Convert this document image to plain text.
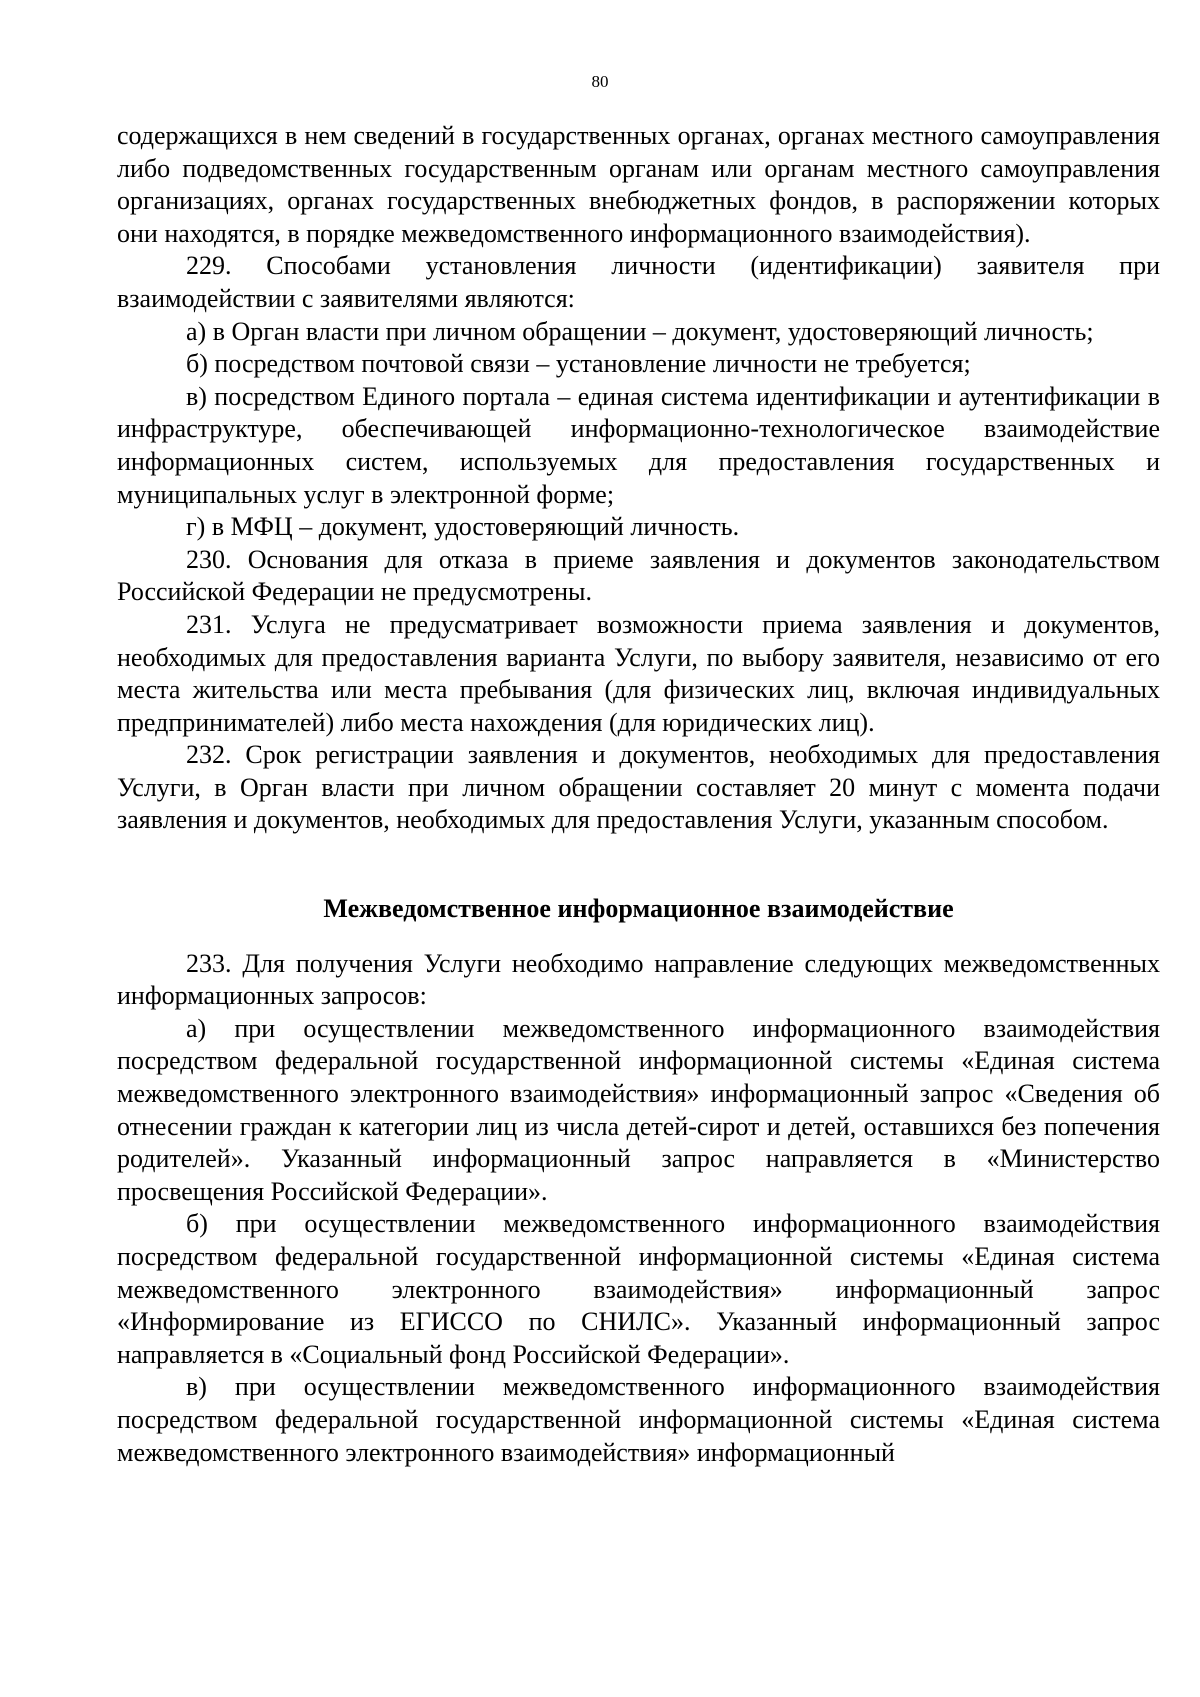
80

содержащихся в нем сведений в государственных органах, органах местного самоуправления либо подведомственных государственным органам или органам местного самоуправления организациях, органах государственных внебюджетных фондов, в распоряжении которых они находятся, в порядке межведомственного информационного взаимодействия).

229. Способами установления личности (идентификации) заявителя при взаимодействии с заявителями являются:

а) в Орган власти при личном обращении – документ, удостоверяющий личность;

б) посредством почтовой связи – установление личности не требуется;

в) посредством Единого портала – единая система идентификации и аутентификации в инфраструктуре, обеспечивающей информационно-технологическое взаимодействие информационных систем, используемых для предоставления государственных и муниципальных услуг в электронной форме;

г) в МФЦ – документ, удостоверяющий личность.

230. Основания для отказа в приеме заявления и документов законодательством Российской Федерации не предусмотрены.

231. Услуга не предусматривает возможности приема заявления и документов, необходимых для предоставления варианта Услуги, по выбору заявителя, независимо от его места жительства или места пребывания (для физических лиц, включая индивидуальных предпринимателей) либо места нахождения (для юридических лиц).

232. Срок регистрации заявления и документов, необходимых для предоставления Услуги, в Орган власти при личном обращении составляет 20 минут с момента подачи заявления и документов, необходимых для предоставления Услуги, указанным способом.

Межведомственное информационное взаимодействие

233. Для получения Услуги необходимо направление следующих межведомственных информационных запросов:

а) при осуществлении межведомственного информационного взаимодействия посредством федеральной государственной информационной системы «Единая система межведомственного электронного взаимодействия» информационный запрос «Сведения об отнесении граждан к категории лиц из числа детей-сирот и детей, оставшихся без попечения родителей». Указанный информационный запрос направляется в «Министерство просвещения Российской Федерации».

б) при осуществлении межведомственного информационного взаимодействия посредством федеральной государственной информационной системы «Единая система межведомственного электронного взаимодействия» информационный запрос «Информирование из ЕГИССО по СНИЛС». Указанный информационный запрос направляется в «Социальный фонд Российской Федерации».

в) при осуществлении межведомственного информационного взаимодействия посредством федеральной государственной информационной системы «Единая система межведомственного электронного взаимодействия» информационный
